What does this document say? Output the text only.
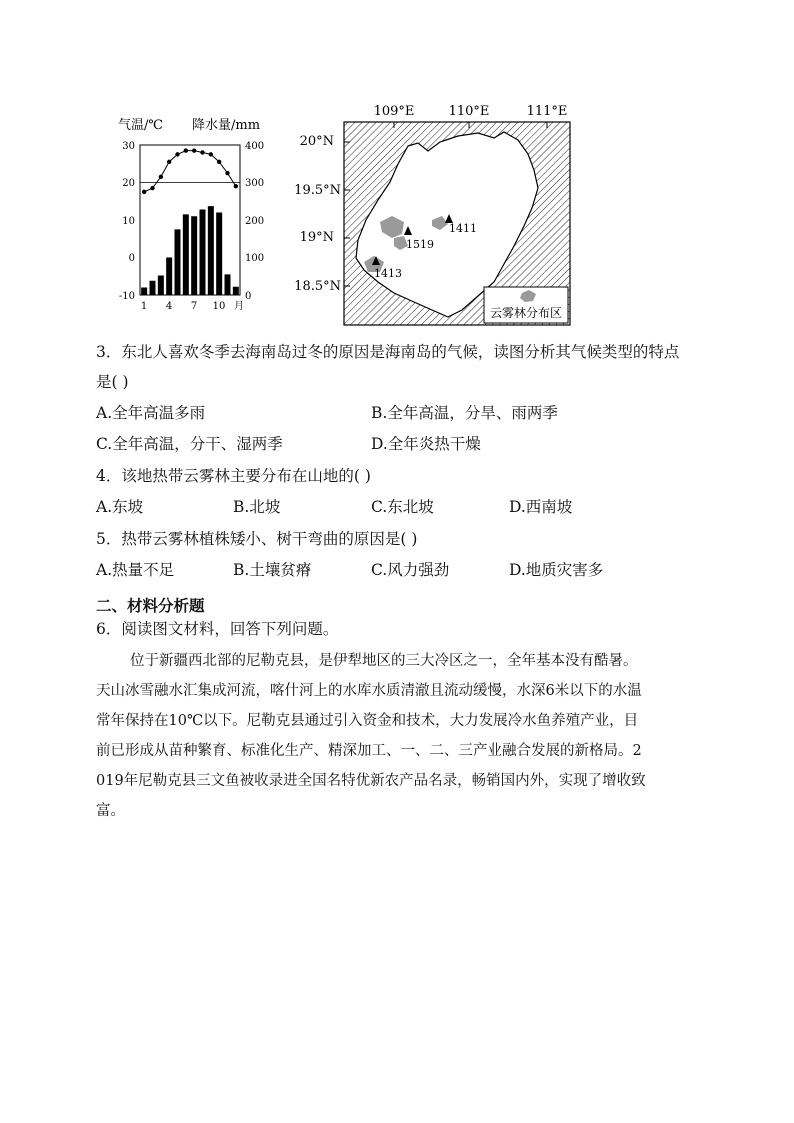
气温/℃ 降水量/mm
30
20
10
0
-10
400
300
200
100
0
1 4 7 10 月
109°E	110°E	111°E
20°N
19.5°N
19°N
18.5°N
1411
1519
1413
云雾林分布区
3．东北人喜欢冬季去海南岛过冬的原因是海南岛的气候，读图分析其气候类型的特点
是( )
A.全年高温多雨	B.全年高温，分旱、雨两季
C.全年高温，分干、湿两季	D.全年炎热干燥
4．该地热带云雾林主要分布在山地的( )
A.东坡	B.北坡	C.东北坡	D.西南坡
5．热带云雾林植株矮小、树干弯曲的原因是( )
A.热量不足	B.土壤贫瘠	C.风力强劲	D.地质灾害多
二、材料分析题
6．阅读图文材料，回答下列问题。
位于新疆西北部的尼勒克县，是伊犁地区的三大冷区之一，全年基本没有酷暑。
天山冰雪融水汇集成河流，喀什河上的水库水质清澈且流动缓慢，水深6米以下的水温
常年保持在10℃以下。尼勒克县通过引入资金和技术，大力发展冷水鱼养殖产业，目
前已形成从苗种繁育、标准化生产、精深加工、一、二、三产业融合发展的新格局。2
019年尼勒克县三文鱼被收录进全国名特优新农产品名录，畅销国内外，实现了增收致
富。
